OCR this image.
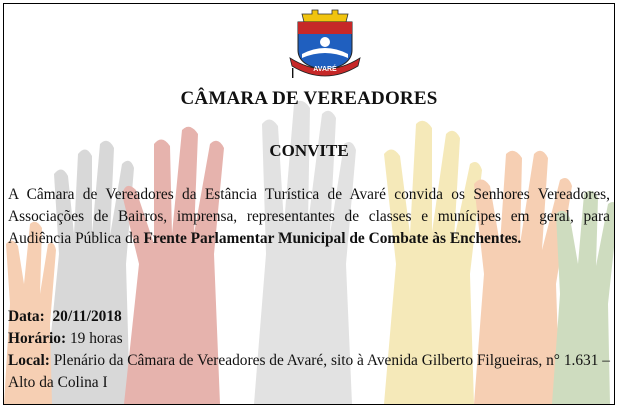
AVARÉ
CÂMARA DE VEREADORES
CONVITE
A Câmara de Vereadores da Estância Turística de Avaré convida os Senhores Vereadores, Associações de Bairros, imprensa, representantes de classes e munícipes em geral, para Audiência Pública da Frente Parlamentar Municipal de Combate às Enchentes.
Data: 20/11/2018
Horário: 19 horas
Local: Plenário da Câmara de Vereadores de Avaré, sito à Avenida Gilberto Filgueiras, n° 1.631 – Alto da Colina I
